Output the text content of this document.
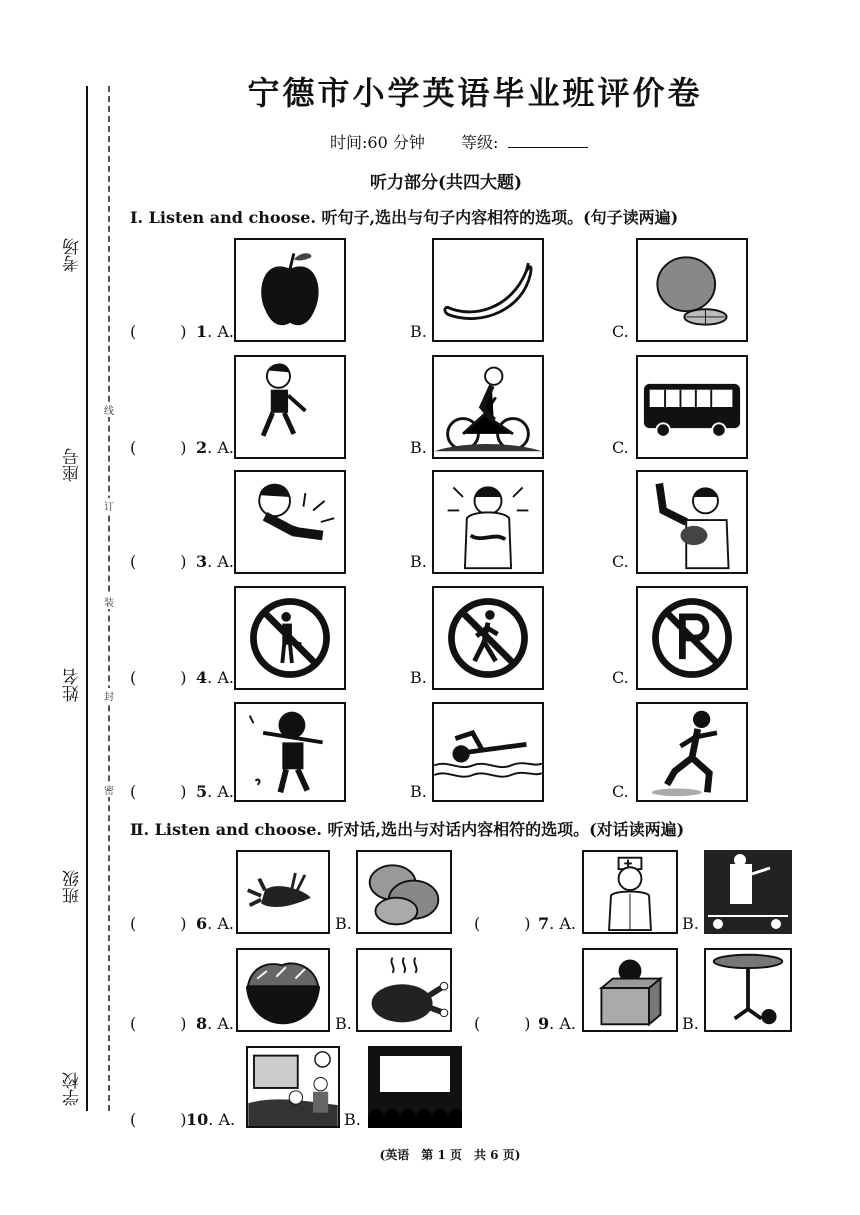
考场
座号
姓名
班级
学校
线
订
装
封
密
宁德市小学英语毕业班评价卷
时间:60 分钟 等级:
听力部分(共四大题)
Ⅰ. Listen and choose. 听句子,选出与句子内容相符的选项。(句子读两遍)
(	) 1. A.	B.	C.
(	) 2. A.	B.	C.
(	) 3. A.	B.	C.
(	) 4. A.	B.	C.
(	) 5. A.	B.	C.
Ⅱ. Listen and choose. 听对话,选出与对话内容相符的选项。(对话读两遍)
(	) 6. A.	B.	(	) 7. A.	B.
(	) 8. A.	B.	(	) 9. A.	B.
(	) 10. A.	B.
(英语　第 1 页　共 6 页)
